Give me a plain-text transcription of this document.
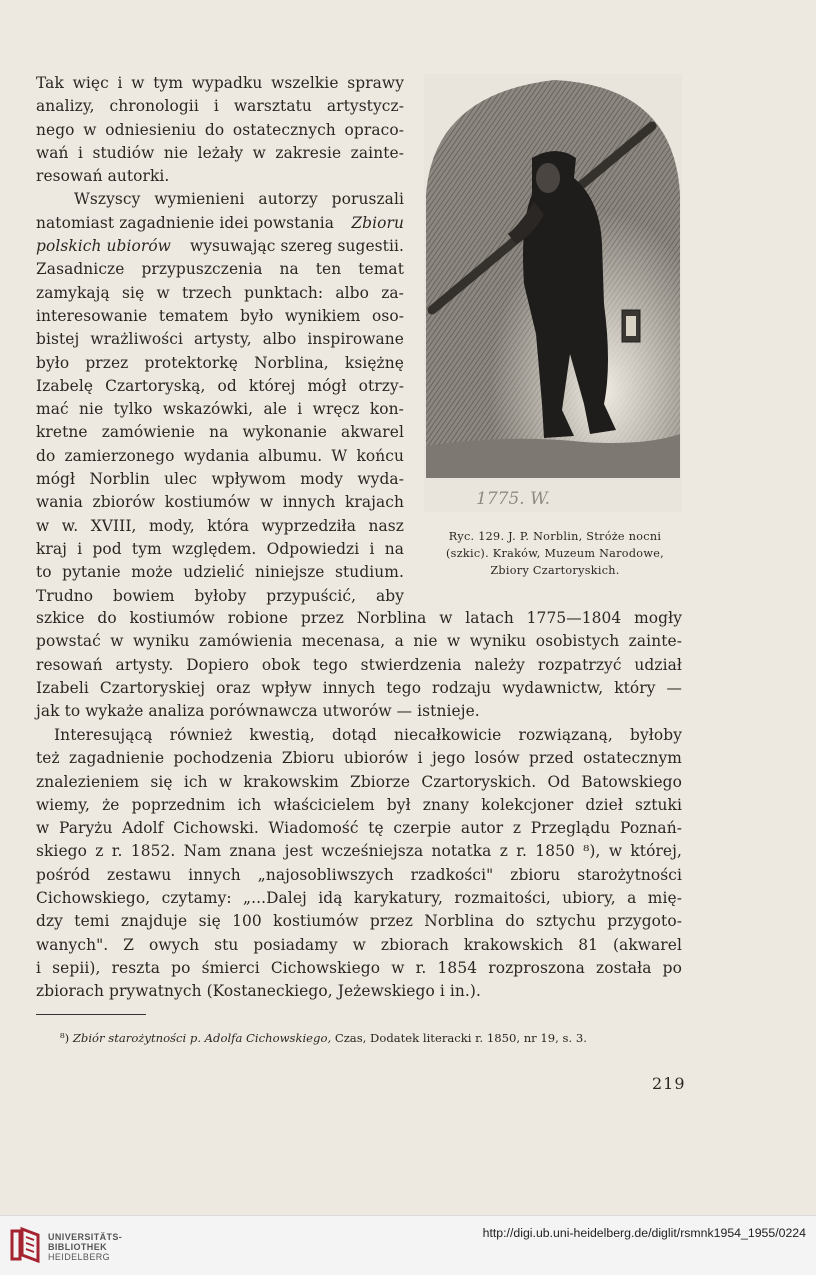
Tak więc i w tym wypadku wszelkie sprawy
analizy, chronologii i warsztatu artystycz-
nego w odniesieniu do ostatecznych opraco-
wań i studiów nie leżały w zakresie zainte-
resowań autorki.
Wszyscy wymienieni autorzy poruszali
natomiast zagadnienie idei powstania Zbioru
polskich ubiorów wysuwając szereg sugestii.
Zasadnicze przypuszczenia na ten temat
zamykają się w trzech punktach: albo za-
interesowanie tematem było wynikiem oso-
bistej wrażliwości artysty, albo inspirowane
było przez protektorkę Norblina, księżnę
Izabelę Czartoryską, od której mógł otrzy-
mać nie tylko wskazówki, ale i wręcz kon-
kretne zamówienie na wykonanie akwarel
do zamierzonego wydania albumu. W końcu
mógł Norblin ulec wpływom mody wyda-
wania zbiorów kostiumów w innych krajach
w w. XVIII, mody, która wyprzedziła nasz
kraj i pod tym względem. Odpowiedzi i na
to pytanie może udzielić niniejsze studium.
Trudno bowiem byłoby przypuścić, aby
szkice do kostiumów robione przez Norblina w latach 1775—1804 mogły
powstać w wyniku zamówienia mecenasa, a nie w wyniku osobistych zainte-
resowań artysty. Dopiero obok tego stwierdzenia należy rozpatrzyć udział
Izabeli Czartoryskiej oraz wpływ innych tego rodzaju wydawnictw, który —
jak to wykaże analiza porównawcza utworów — istnieje.
Interesującą również kwestią, dotąd niecałkowicie rozwiązaną, byłoby
też zagadnienie pochodzenia Zbioru ubiorów i jego losów przed ostatecznym
znalezieniem się ich w krakowskim Zbiorze Czartoryskich. Od Batowskiego
wiemy, że poprzednim ich właścicielem był znany kolekcjoner dzieł sztuki
w Paryżu Adolf Cichowski. Wiadomość tę czerpie autor z Przeglądu Poznań-
skiego z r. 1852. Nam znana jest wcześniejsza notatka z r. 1850 ⁸), w której,
pośród zestawu innych „najosobliwszych rzadkości" zbioru starożytności
Cichowskiego, czytamy: „...Dalej idą karykatury, rozmaitości, ubiory, a mię-
dzy temi znajduje się 100 kostiumów przez Norblina do sztychu przygoto-
wanych". Z owych stu posiadamy w zbiorach krakowskich 81 (akwarel
i sepii), reszta po śmierci Cichowskiego w r. 1854 rozproszona została po
zbiorach prywatnych (Kostaneckiego, Jeżewskiego i in.).
1775. W.
Ryc. 129. J. P. Norblin, Stróże nocni
(szkic). Kraków, Muzeum Narodowe,
Zbiory Czartoryskich.
⁸) Zbiór starożytności p. Adolfa Cichowskiego, Czas, Dodatek literacki r. 1850, nr 19, s. 3.
219
UNIVERSITÄTS-
BIBLIOTHEK
HEIDELBERG
http://digi.ub.uni-heidelberg.de/diglit/rsmnk1954_1955/0224
